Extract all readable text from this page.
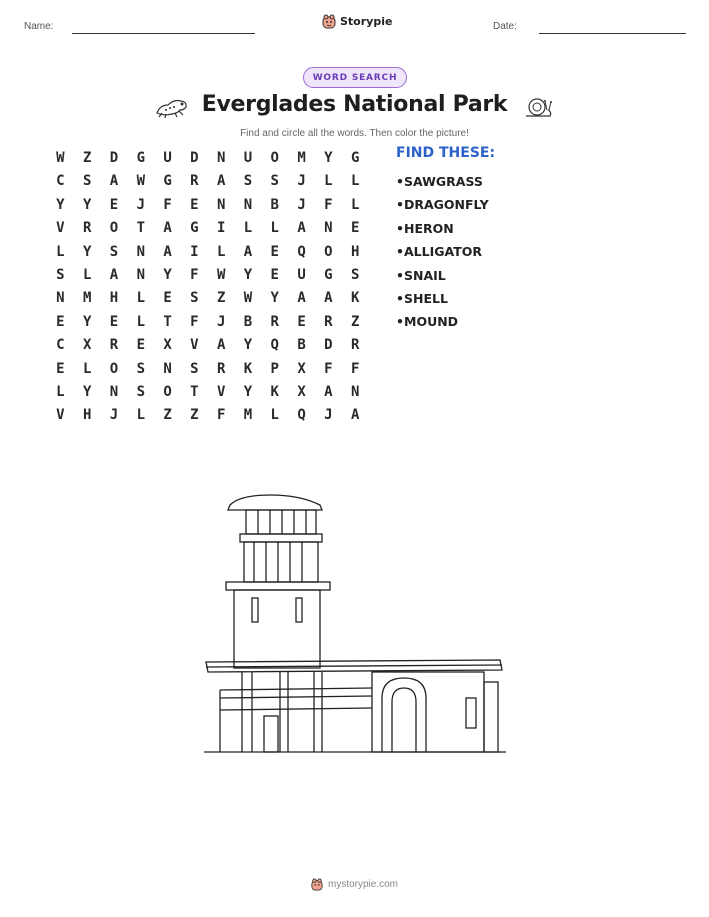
Name:	Storypie	Date:
WORD SEARCH
Everglades National Park
Find and circle all the words. Then color the picture!
W	Z	D	G	U	D	N	U	O	M	Y	G
C	S	A	W	G	R	A	S	S	J	L	L
Y	Y	E	J	F	E	N	N	B	J	F	L
V	R	O	T	A	G	I	L	L	A	N	E
L	Y	S	N	A	I	L	A	E	Q	O	H
S	L	A	N	Y	F	W	Y	E	U	G	S
N	M	H	L	E	S	Z	W	Y	A	A	K
E	Y	E	L	T	F	J	B	R	E	R	Z
C	X	R	E	X	V	A	Y	Q	B	D	R
E	L	O	S	N	S	R	K	P	X	F	F
L	Y	N	S	O	T	V	Y	K	X	A	N
V	H	J	L	Z	Z	F	M	L	Q	J	A
FIND THESE:
• SAWGRASS
• DRAGONFLY
• HERON
• ALLIGATOR
• SNAIL
• SHELL
• MOUND
mystorypie.com
